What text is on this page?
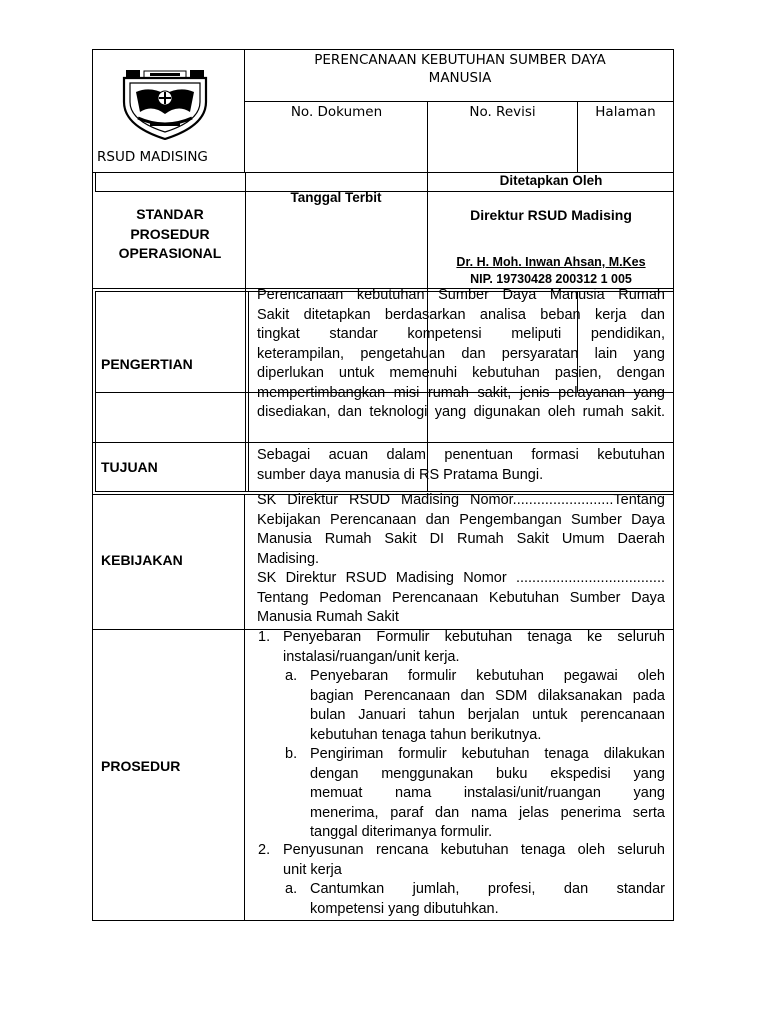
RSUD MADISING
PERENCANAAN KEBUTUHAN SUMBER DAYA
MANUSIA
No. Dokumen	No. Revisi	Halaman
STANDAR
PROSEDUR
OPERASIONAL
Tanggal Terbit
Ditetapkan Oleh
Direktur RSUD Madising
Dr. H. Moh. Inwan Ahsan, M.Kes
NIP. 19730428 200312 1 005
PENGERTIAN
Perencanaan kebutuhan Sumber Daya Manusia Rumah
Sakit ditetapkan berdasarkan analisa beban kerja dan
tingkat standar kompetensi meliputi pendidikan,
keterampilan, pengetahuan dan persyaratan lain yang
diperlukan untuk memenuhi kebutuhan pasien, dengan
mempertimbangkan misi rumah sakit, jenis pelayanan yang
disediakan, dan teknologi yang digunakan oleh rumah sakit.
TUJUAN
Sebagai acuan dalam penentuan formasi kebutuhan
sumber daya manusia di RS Pratama Bungi.
KEBIJAKAN
SK Direktur RSUD Madising Nomor.........................Tentang
Kebijakan Perencanaan dan Pengembangan Sumber Daya
Manusia Rumah Sakit DI Rumah Sakit Umum Daerah
Madising.
SK Direktur RSUD Madising Nomor .....................................
Tentang Pedoman Perencanaan Kebutuhan Sumber Daya
Manusia Rumah Sakit
PROSEDUR
1. Penyebaran Formulir kebutuhan tenaga ke seluruh
instalasi/ruangan/unit kerja.
a. Penyebaran formulir kebutuhan pegawai oleh
bagian Perencanaan dan SDM dilaksanakan pada
bulan Januari tahun berjalan untuk perencanaan
kebutuhan tenaga tahun berikutnya.
b. Pengiriman formulir kebutuhan tenaga dilakukan
dengan menggunakan buku ekspedisi yang
memuat nama instalasi/unit/ruangan yang
menerima, paraf dan nama jelas penerima serta
tanggal diterimanya formulir.
2. Penyusunan rencana kebutuhan tenaga oleh seluruh
unit kerja
a. Cantumkan jumlah, profesi, dan standar
kompetensi yang dibutuhkan.
